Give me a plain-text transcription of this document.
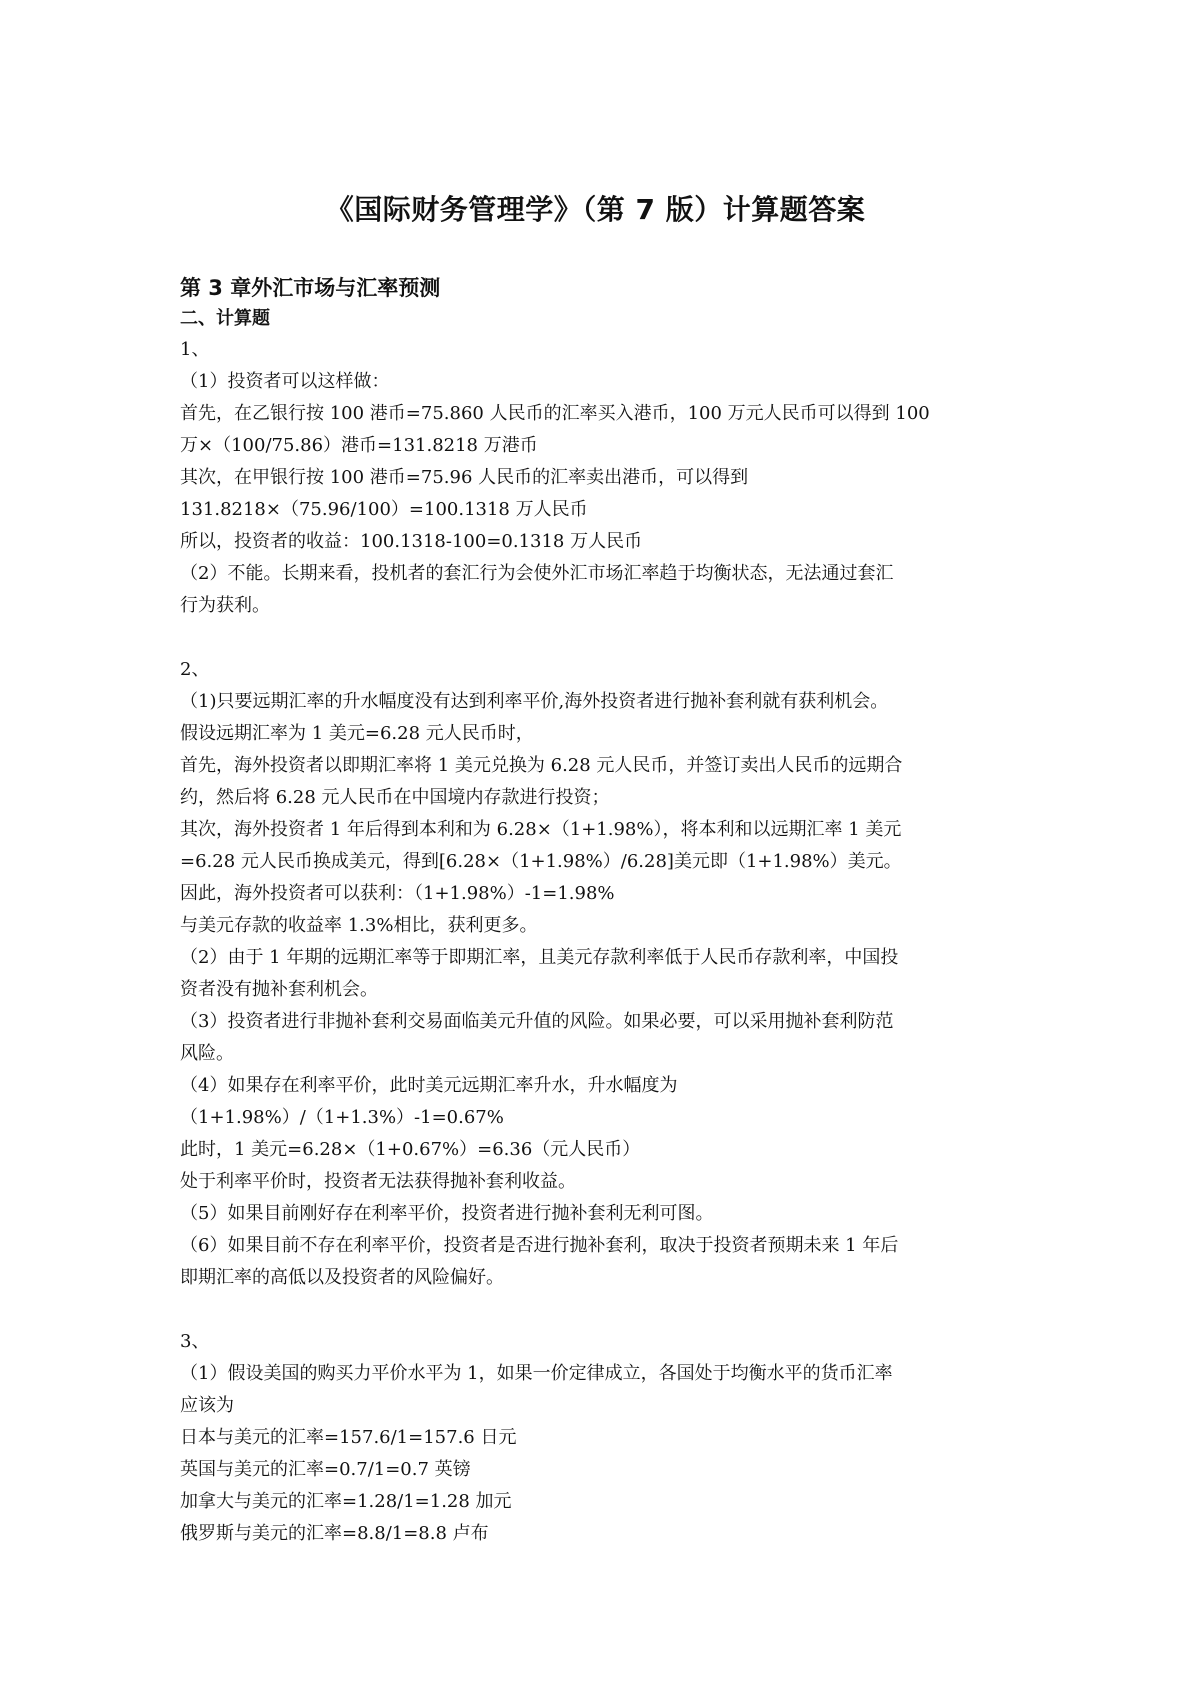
《国际财务管理学》（第 7 版）计算题答案
第 3 章外汇市场与汇率预测
二、计算题

1、

（1）投资者可以这样做：

首先，在乙银行按 100 港币=75.860 人民币的汇率买入港币，100 万元人民币可以得到 100

万×（100/75.86）港币=131.8218 万港币

其次，在甲银行按 100 港币=75.96 人民币的汇率卖出港币，可以得到

131.8218×（75.96/100）=100.1318 万人民币

所以，投资者的收益：100.1318-100=0.1318 万人民币

（2）不能。长期来看，投机者的套汇行为会使外汇市场汇率趋于均衡状态，无法通过套汇

行为获利。

2、

（1)只要远期汇率的升水幅度没有达到利率平价,海外投资者进行抛补套利就有获利机会。

假设远期汇率为 1 美元=6.28 元人民币时，

首先，海外投资者以即期汇率将 1 美元兑换为 6.28 元人民币，并签订卖出人民币的远期合

约，然后将 6.28 元人民币在中国境内存款进行投资；

其次，海外投资者 1 年后得到本利和为 6.28×（1+1.98%），将本利和以远期汇率 1 美元

=6.28 元人民币换成美元，得到[6.28×（1+1.98%）/6.28]美元即（1+1.98%）美元。

因此，海外投资者可以获利：（1+1.98%）-1=1.98%

与美元存款的收益率 1.3%相比，获利更多。

（2）由于 1 年期的远期汇率等于即期汇率，且美元存款利率低于人民币存款利率，中国投

资者没有抛补套利机会。

（3）投资者进行非抛补套利交易面临美元升值的风险。如果必要，可以采用抛补套利防范

风险。

（4）如果存在利率平价，此时美元远期汇率升水，升水幅度为

（1+1.98%）/（1+1.3%）-1=0.67%

此时，1 美元=6.28×（1+0.67%）=6.36（元人民币）

处于利率平价时，投资者无法获得抛补套利收益。

（5）如果目前刚好存在利率平价，投资者进行抛补套利无利可图。

（6）如果目前不存在利率平价，投资者是否进行抛补套利，取决于投资者预期未来 1 年后

即期汇率的高低以及投资者的风险偏好。

3、

（1）假设美国的购买力平价水平为 1，如果一价定律成立，各国处于均衡水平的货币汇率

应该为

日本与美元的汇率=157.6/1=157.6 日元

英国与美元的汇率=0.7/1=0.7 英镑

加拿大与美元的汇率=1.28/1=1.28 加元

俄罗斯与美元的汇率=8.8/1=8.8 卢布
